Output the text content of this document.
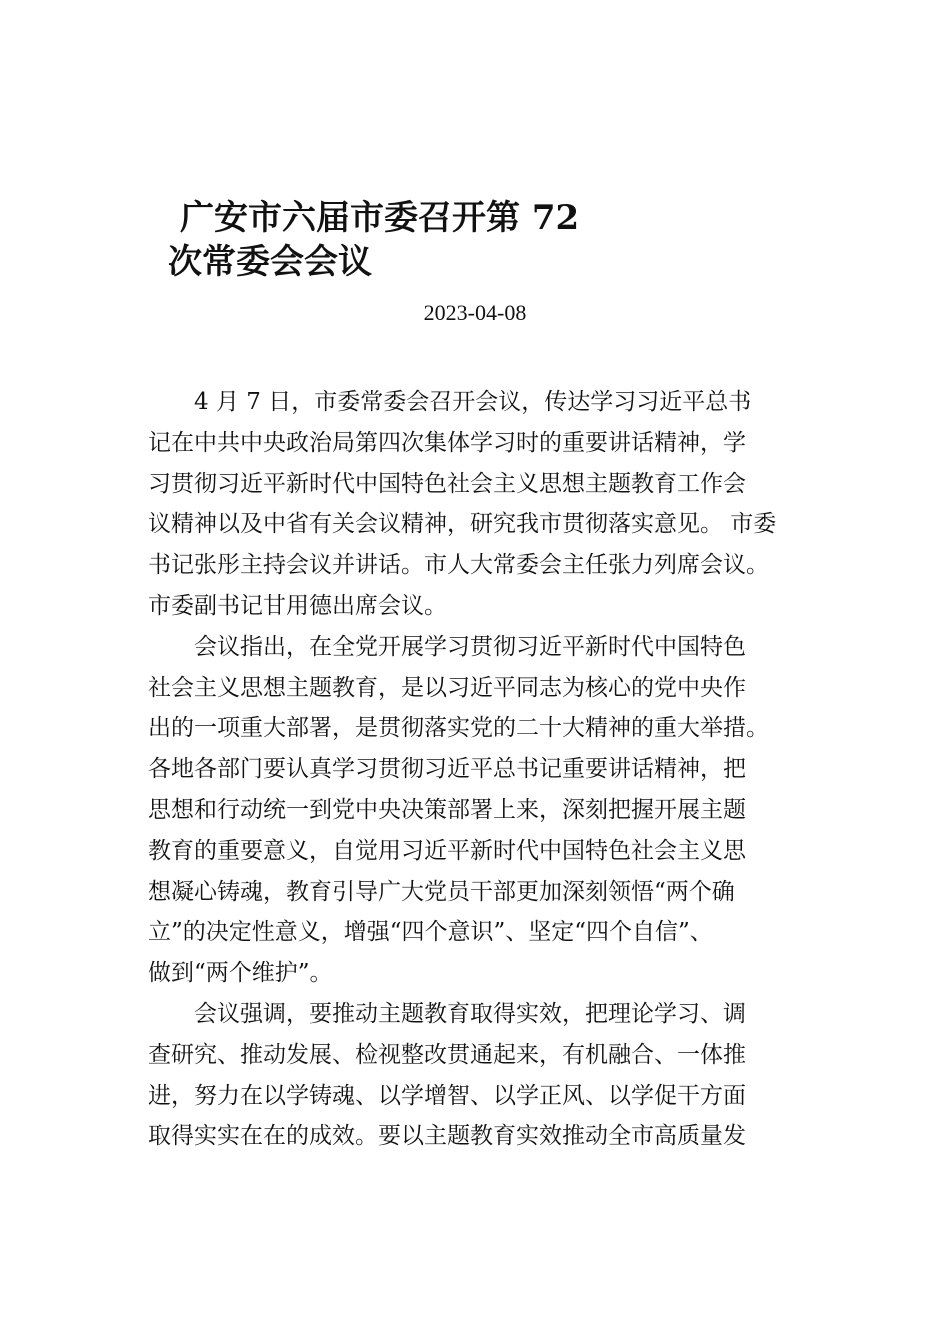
广安市六届市委召开第 72
次常委会会议
2023-04-08

4 月 7 日，市委常委会召开会议，传达学习习近平总书
记在中共中央政治局第四次集体学习时的重要讲话精神，学
习贯彻习近平新时代中国特色社会主义思想主题教育工作会
议精神以及中省有关会议精神，研究我市贯彻落实意见。 市委
书记张彤主持会议并讲话。市人大常委会主任张力列席会议。
市委副书记甘用德出席会议。

会议指出，在全党开展学习贯彻习近平新时代中国特色
社会主义思想主题教育，是以习近平同志为核心的党中央作
出的一项重大部署，是贯彻落实党的二十大精神的重大举措。
各地各部门要认真学习贯彻习近平总书记重要讲话精神，把
思想和行动统一到党中央决策部署上来，深刻把握开展主题
教育的重要意义，自觉用习近平新时代中国特色社会主义思
想凝心铸魂，教育引导广大党员干部更加深刻领悟“两个确
立”的决定性意义，增强“四个意识”、坚定“四个自信”、
做到“两个维护”。

会议强调，要推动主题教育取得实效，把理论学习、调
查研究、推动发展、检视整改贯通起来，有机融合、一体推
进，努力在以学铸魂、以学增智、以学正风、以学促干方面
取得实实在在的成效。要以主题教育实效推动全市高质量发
